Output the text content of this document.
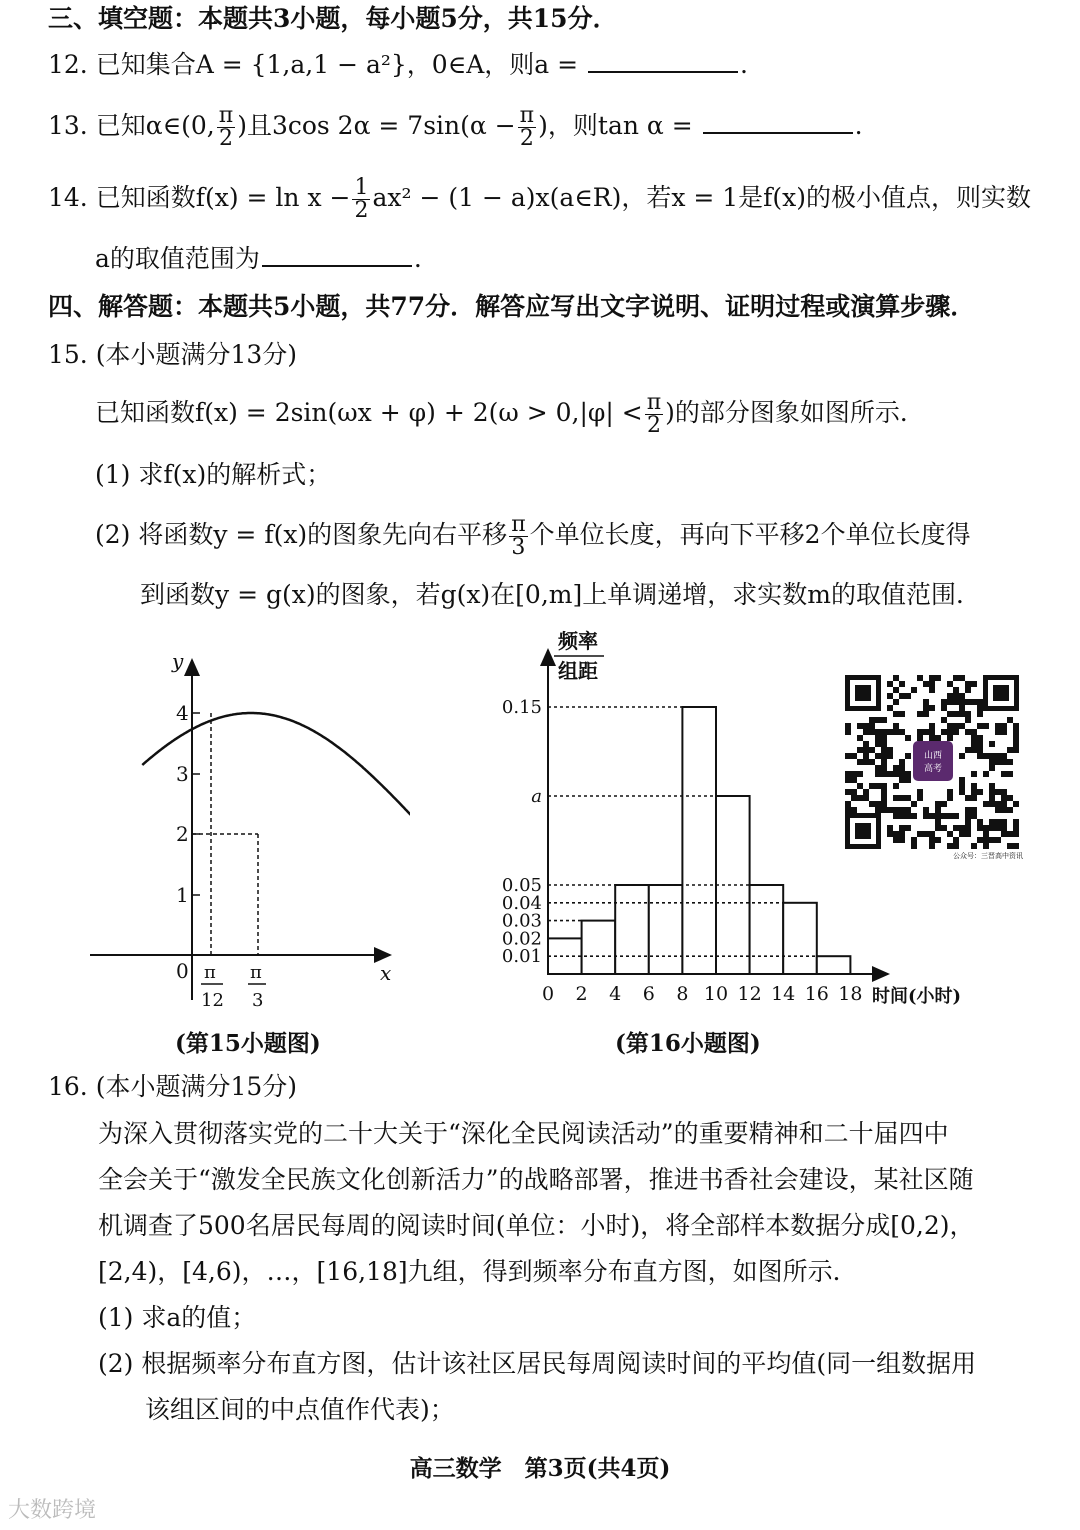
三、填空题：本题共3小题，每小题5分，共15分．
12. 已知集合A = {1,a,1 − a²}，0∈A，则a =	.
13. 已知α∈(0, $\frac{\pi}{2}$ )且3cos $2\alpha = 7\sin(\alpha - \frac{\pi}{2}$ )，则tan α =	.
14. 已知函数$f(x) = \ln x - \frac{1}{2} ax^2 - (1$ − a)x(a∈R)，若x = 1是f(x)的极小值点，则实数
a的取值范围为	.
四、解答题：本题共5小题，共77分．解答应写出文字说明、证明过程或演算步骤．
15. (本小题满分13分)
已知函数$f(x) = 2\sin(\omega x + \varphi) + 2(\omega > 0,|\varphi| < \frac{\pi}{2}$ )的部分图象如图所示．
(1) 求f(x)的解析式；
(2) 将函数y = f(x)的图象先向右平移 $\frac{\pi}{3}$ 个单位长度，再向下平移2个单位长度得
到函数y = g(x)的图象，若g(x)在[0,m]上单调递增，求实数m的取值范围．
y
x
0
4
3
2
1
π
12
π
3
(第15小题图)
频率
组距
0.15
a
0.05
0.04
0.03
0.02
0.01
0 2 4 6 8 10 12 14 16 18 时间(小时)
(第16小题图)
山西
高考
公众号：三晋高中资讯
16. (本小题满分15分)
为深入贯彻落实党的二十大关于“深化全民阅读活动”的重要精神和二十届四中
全会关于“激发全民族文化创新活力”的战略部署，推进书香社会建设，某社区随
机调查了500名居民每周的阅读时间(单位：小时)，将全部样本数据分成[0,2)，
[2,4)，[4,6)，…，[16,18]九组，得到频率分布直方图，如图所示．
(1) 求a的值；
(2) 根据频率分布直方图，估计该社区居民每周阅读时间的平均值(同一组数据用
该组区间的中点值作代表)；
高三数学　第3页(共4页)
大数跨境
